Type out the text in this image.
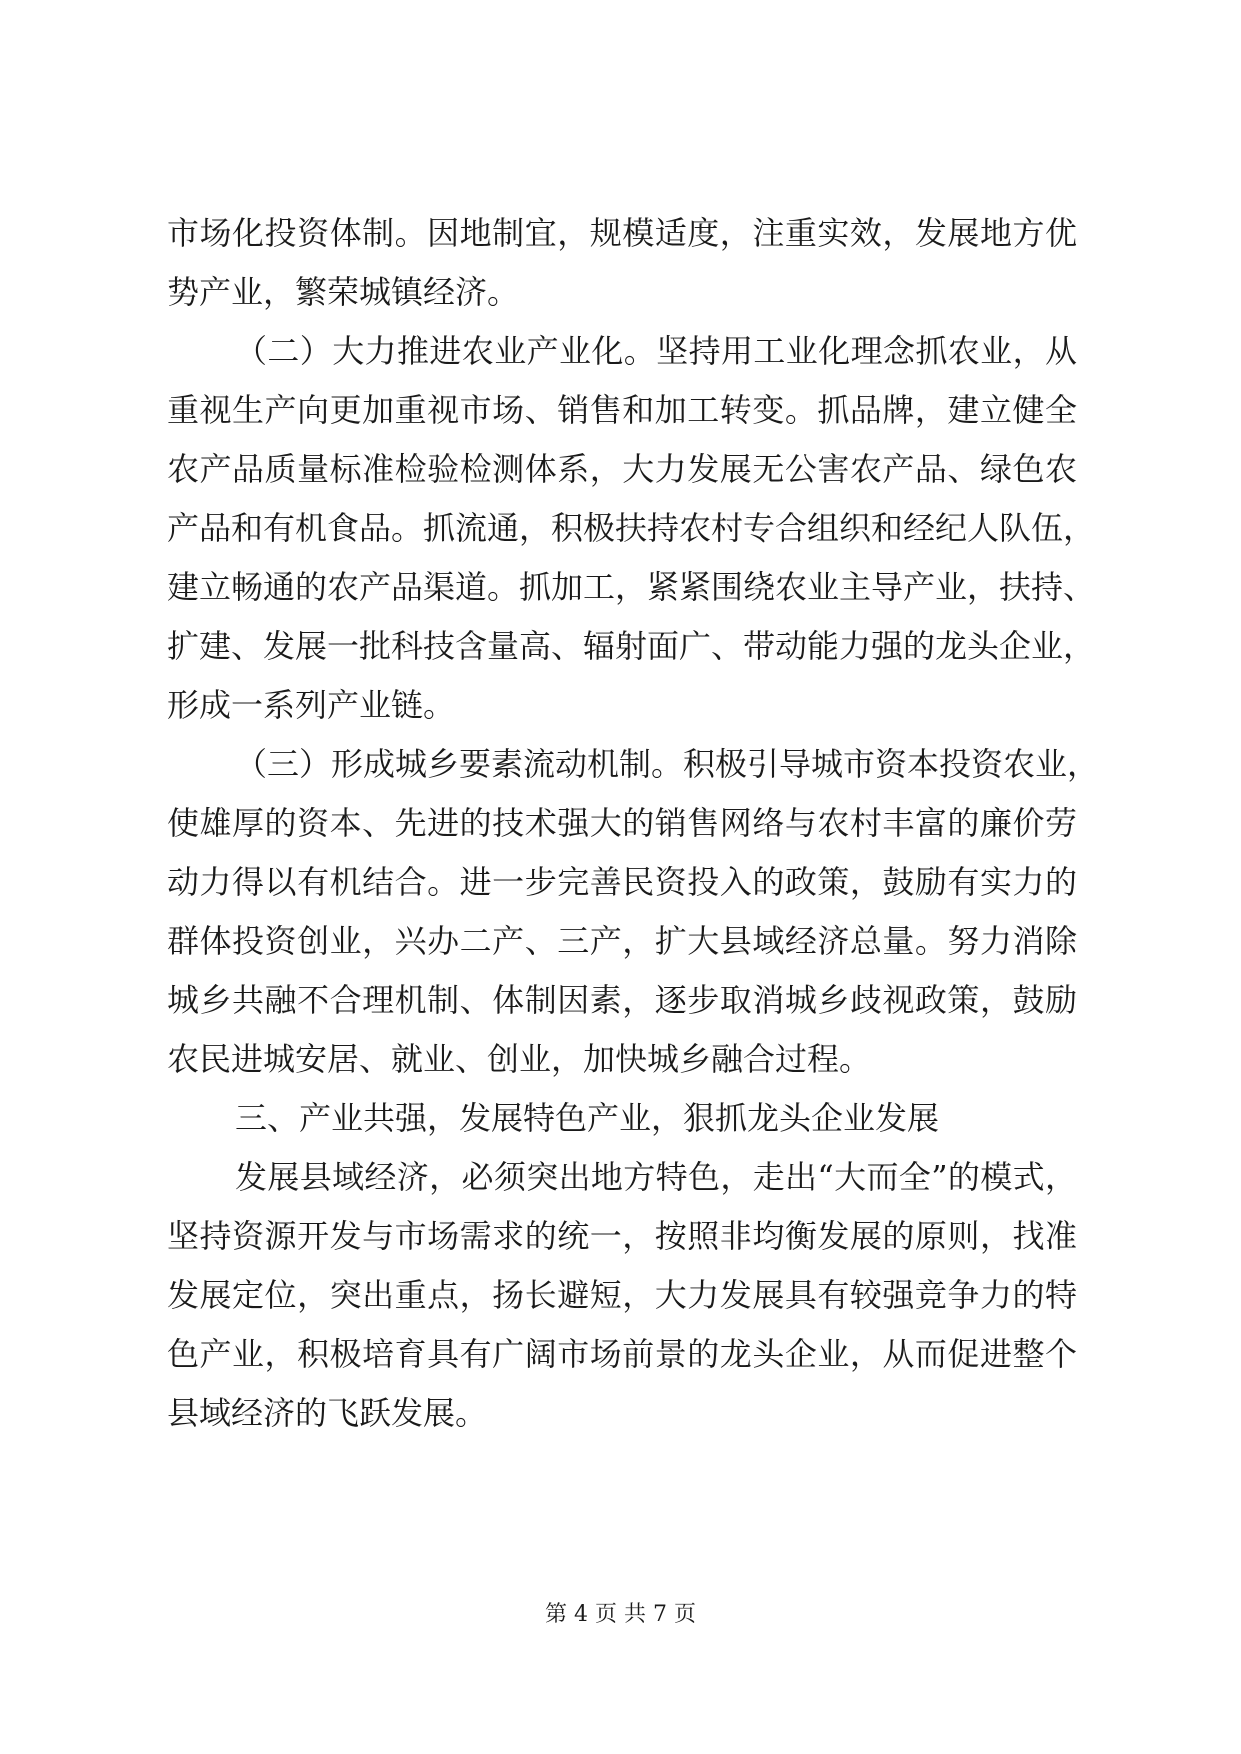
市场化投资体制。因地制宜，规模适度，注重实效，发展地方优
势产业，繁荣城镇经济。
（二）大力推进农业产业化。坚持用工业化理念抓农业，从
重视生产向更加重视市场、销售和加工转变。抓品牌，建立健全
农产品质量标准检验检测体系，大力发展无公害农产品、绿色农
产品和有机食品。抓流通，积极扶持农村专合组织和经纪人队伍，
建立畅通的农产品渠道。抓加工，紧紧围绕农业主导产业，扶持、
扩建、发展一批科技含量高、辐射面广、带动能力强的龙头企业，
形成一系列产业链。
（三）形成城乡要素流动机制。积极引导城市资本投资农业，
使雄厚的资本、先进的技术强大的销售网络与农村丰富的廉价劳
动力得以有机结合。进一步完善民资投入的政策，鼓励有实力的
群体投资创业，兴办二产、三产，扩大县域经济总量。努力消除
城乡共融不合理机制、体制因素，逐步取消城乡歧视政策，鼓励
农民进城安居、就业、创业，加快城乡融合过程。
三、产业共强，发展特色产业，狠抓龙头企业发展
发展县域经济，必须突出地方特色，走出“大而全”的模式，
坚持资源开发与市场需求的统一，按照非均衡发展的原则，找准
发展定位，突出重点，扬长避短，大力发展具有较强竞争力的特
色产业，积极培育具有广阔市场前景的龙头企业，从而促进整个
县域经济的飞跃发展。
第 4 页 共 7 页
